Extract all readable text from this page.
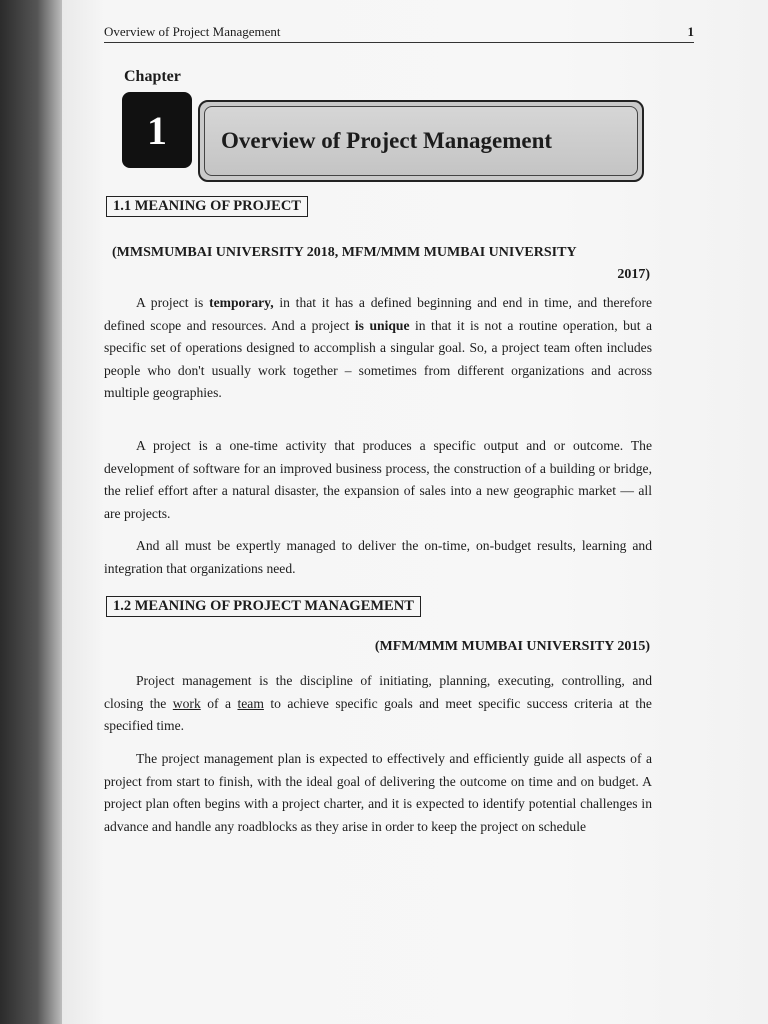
Overview of Project Management	1
Chapter
1	Overview of Project Management
1.1 MEANING OF PROJECT
(MMSMUMBAI UNIVERSITY 2018, MFM/MMM MUMBAI UNIVERSITY
2017)
A project is temporary, in that it has a defined beginning and end in time, and therefore defined scope and resources. And a project is unique in that it is not a routine operation, but a specific set of operations designed to accomplish a singular goal. So, a project team often includes people who don't usually work together – sometimes from different organizations and across multiple geographies.
A project is a one-time activity that produces a specific output and or outcome. The development of software for an improved business process, the construction of a building or bridge, the relief effort after a natural disaster, the expansion of sales into a new geographic market — all are projects.
And all must be expertly managed to deliver the on-time, on-budget results, learning and integration that organizations need.
1.2 MEANING OF PROJECT MANAGEMENT
(MFM/MMM MUMBAI UNIVERSITY 2015)
Project management is the discipline of initiating, planning, executing, controlling, and closing the work of a team to achieve specific goals and meet specific success criteria at the specified time.
The project management plan is expected to effectively and efficiently guide all aspects of a project from start to finish, with the ideal goal of delivering the outcome on time and on budget. A project plan often begins with a project charter, and it is expected to identify potential challenges in advance and handle any roadblocks as they arise in order to keep the project on schedule
